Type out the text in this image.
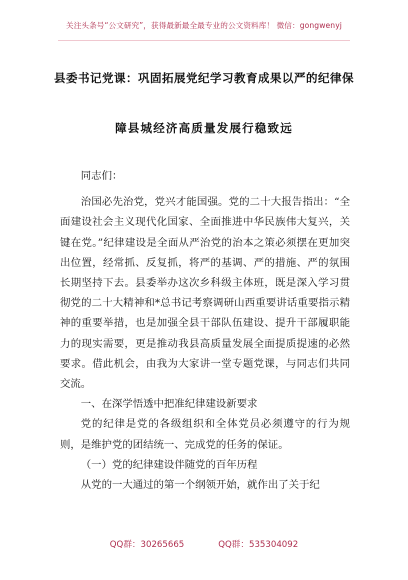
关注头条号“公文研究”，获得最新最全最专业的公文资料库！ 微信：gongwenyj
县委书记党课：巩固拓展党纪学习教育成果以严的纪律保
障县城经济高质量发展行稳致远

同志们：

治国必先治党，党兴才能国强。党的二十大报告指出：“全面建设社会主义现代化国家、全面推进中华民族伟大复兴，关键在党。”纪律建设是全面从严治党的治本之策必须摆在更加突出位置，经常抓、反复抓，将严的基调、严的措施、严的氛围长期坚持下去。县委举办这次乡科级主体班，既是深入学习贯彻党的二十大精神和*总书记考察调研山西重要讲话重要指示精神的重要举措，也是加强全县干部队伍建设、提升干部履职能力的现实需要，更是推动我县高质量发展全面提质提速的必然要求。借此机会，由我为大家讲一堂专题党课，与同志们共同交流。

一、在深学悟透中把准纪律建设新要求

党的纪律是党的各级组织和全体党员必须遵守的行为规则，是维护党的团结统一、完成党的任务的保证。

（一）党的纪律建设伴随党的百年历程

从党的一大通过的第一个纲领开始，就作出了关于纪

QQ群：30265665	QQ群：535304092
